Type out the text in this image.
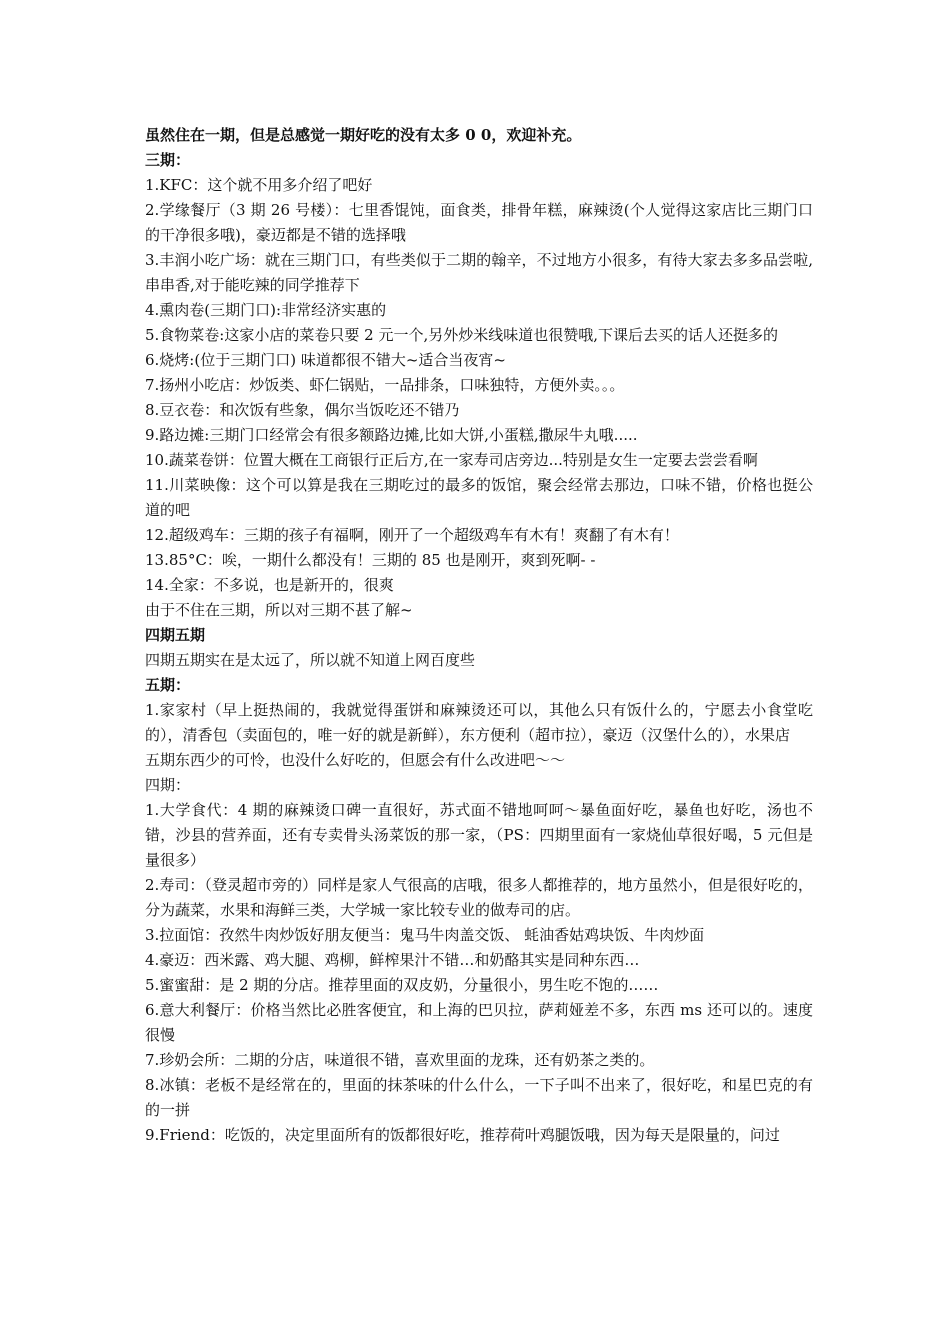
虽然住在一期，但是总感觉一期好吃的没有太多 0 0，欢迎补充。

三期：

1.KFC：这个就不用多介绍了吧好

2.学缘餐厅（3 期 26 号楼）：七里香馄饨，面食类，排骨年糕，麻辣烫(个人觉得这家店比三期门口的干净很多哦)，豪迈都是不错的选择哦

3.丰润小吃广场：就在三期门口，有些类似于二期的翰辛，不过地方小很多，有待大家去多多品尝啦,串串香,对于能吃辣的同学推荐下

4.熏肉卷(三期门口):非常经济实惠的

5.食物菜卷:这家小店的菜卷只要 2 元一个,另外炒米线味道也很赞哦,下课后去买的话人还挺多的

6.烧烤:(位于三期门口) 味道都很不错大~适合当夜宵~

7.扬州小吃店：炒饭类、虾仁锅贴，一品排条，口味独特，方便外卖。。。

8.豆衣卷：和次饭有些象，偶尔当饭吃还不错乃

9.路边摊:三期门口经常会有很多额路边摊,比如大饼,小蛋糕,撒尿牛丸哦.....

10.蔬菜卷饼：位置大概在工商银行正后方,在一家寿司店旁边...特别是女生一定要去尝尝看啊

11.川菜映像：这个可以算是我在三期吃过的最多的饭馆，聚会经常去那边，口味不错，价格也挺公道的吧

12.超级鸡车：三期的孩子有福啊，刚开了一个超级鸡车有木有！爽翻了有木有！

13.85°C：唉，一期什么都没有！三期的 85 也是刚开，爽到死啊- -

14.全家：不多说，也是新开的，很爽

由于不住在三期，所以对三期不甚了解~

四期五期

四期五期实在是太远了，所以就不知道上网百度些

五期：

1.家家村（早上挺热闹的，我就觉得蛋饼和麻辣烫还可以，其他么只有饭什么的，宁愿去小食堂吃的），清香包（卖面包的，唯一好的就是新鲜），东方便利（超市拉），豪迈（汉堡什么的），水果店

五期东西少的可怜，也没什么好吃的，但愿会有什么改进吧～～

四期：

1.大学食代：4 期的麻辣烫口碑一直很好，苏式面不错地呵呵～暴鱼面好吃，暴鱼也好吃，汤也不错，沙县的营养面，还有专卖骨头汤菜饭的那一家，（PS：四期里面有一家烧仙草很好喝，5 元但是量很多）

2.寿司：（登灵超市旁的）同样是家人气很高的店哦，很多人都推荐的，地方虽然小，但是很好吃的，分为蔬菜，水果和海鲜三类，大学城一家比较专业的做寿司的店。

3.拉面馆：孜然牛肉炒饭好朋友便当：鬼马牛肉盖交饭、 蚝油香姑鸡块饭、牛肉炒面

4.豪迈：西米露、鸡大腿、鸡柳，鲜榨果汁不错…和奶酪其实是同种东西…

5.蜜蜜甜：是 2 期的分店。推荐里面的双皮奶，分量很小，男生吃不饱的……

6.意大利餐厅：价格当然比必胜客便宜，和上海的巴贝拉，萨莉娅差不多，东西 ms 还可以的。速度很慢

7.珍奶会所：二期的分店，味道很不错，喜欢里面的龙珠，还有奶茶之类的。

8.冰镇：老板不是经常在的，里面的抹茶味的什么什么，一下子叫不出来了，很好吃，和星巴克的有的一拼

9.Friend：吃饭的，决定里面所有的饭都很好吃，推荐荷叶鸡腿饭哦，因为每天是限量的，问过
